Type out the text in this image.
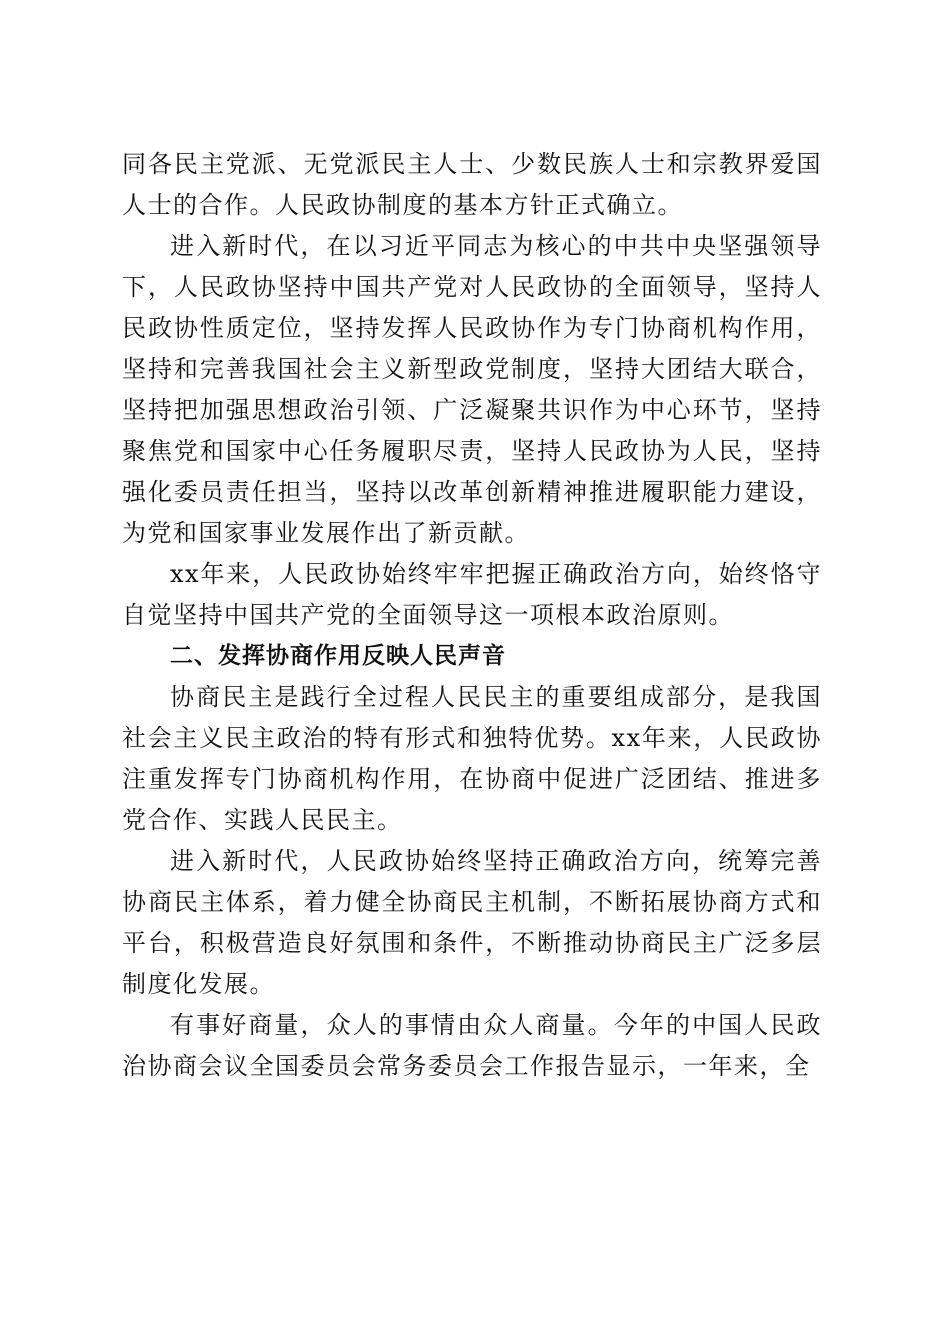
同各民主党派、无党派民主人士、少数民族人士和宗教界爱国人士的合作。人民政协制度的基本方针正式确立。

进入新时代，在以习近平同志为核心的中共中央坚强领导下，人民政协坚持中国共产党对人民政协的全面领导，坚持人民政协性质定位，坚持发挥人民政协作为专门协商机构作用，坚持和完善我国社会主义新型政党制度，坚持大团结大联合，坚持把加强思想政治引领、广泛凝聚共识作为中心环节，坚持聚焦党和国家中心任务履职尽责，坚持人民政协为人民，坚持强化委员责任担当，坚持以改革创新精神推进履职能力建设，为党和国家事业发展作出了新贡献。

xx年来，人民政协始终牢牢把握正确政治方向，始终恪守自觉坚持中国共产党的全面领导这一项根本政治原则。

二、发挥协商作用反映人民声音

协商民主是践行全过程人民民主的重要组成部分，是我国社会主义民主政治的特有形式和独特优势。xx年来，人民政协注重发挥专门协商机构作用，在协商中促进广泛团结、推进多党合作、实践人民民主。

进入新时代，人民政协始终坚持正确政治方向，统筹完善协商民主体系，着力健全协商民主机制，不断拓展协商方式和平台，积极营造良好氛围和条件，不断推动协商民主广泛多层制度化发展。

有事好商量，众人的事情由众人商量。今年的中国人民政治协商会议全国委员会常务委员会工作报告显示，一年来，全
